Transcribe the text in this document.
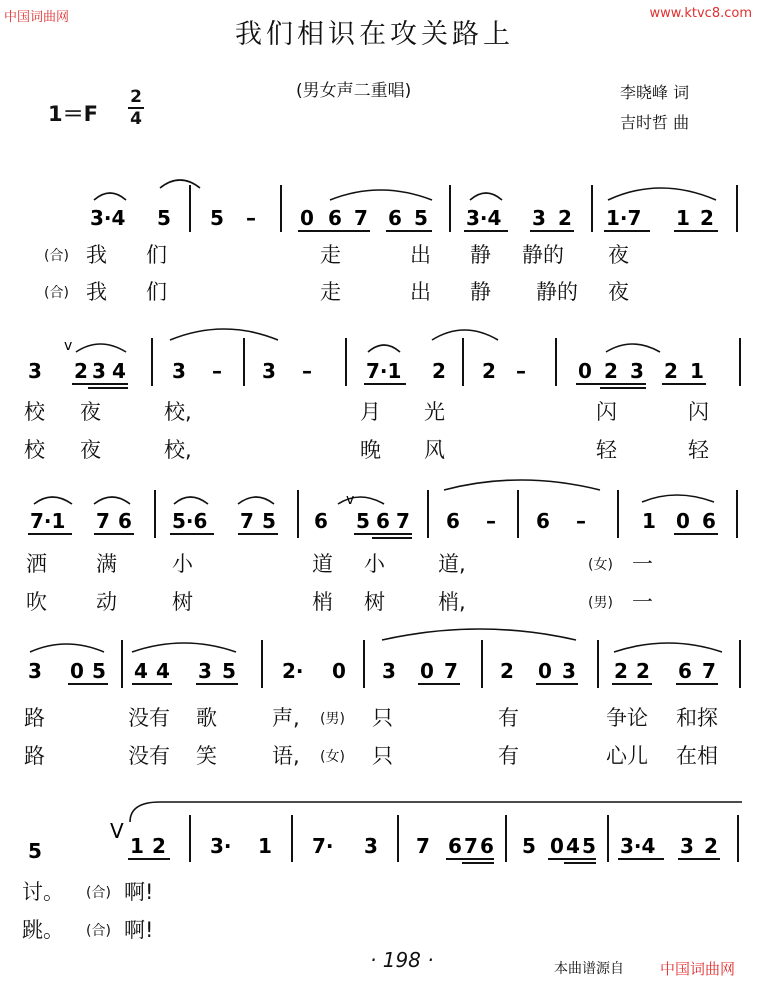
中国词曲网	www.ktvc8.com
我们相识在攻关路上
(男女声二重唱)	李晓峰 词
吉时哲 曲
1＝F
2
4
3·4 5 5 – 0 6 7 6 5 3·4 3 2 1·7 1 2
3
v
2 3 4 3 – 3 –	7·1 2 2 –	0 2 3 2 1
7·1 7 6 5·6 7 5 6
v
5 6 7 6 – 6 –	1 0 6
3 0 5 4 4 3 5 2· 0 3 0 7 2 0 3 2 2 6 7
V
5	1 2 3· 1 7· 3 7 6 7 6 5 0 4 5 3·4 3 2
(合) 我 们	走	出 静 静的 夜
(合) 我 们	走	出 静 静的 夜
校 夜	校,	月 光	闪	闪
校 夜	校,	晚 风	轻	轻
洒 满	小	道 小	道,	(女) 一
吹 动	树	梢 树	梢,	(男) 一
路	没有 歌	声, (男) 只	有	争论 和探
路	没有 笑	语, (女) 只	有	心儿 在相
讨。 (合) 啊!
跳。 (合) 啊!
· 198 ·	本曲谱源自 中国词曲网
